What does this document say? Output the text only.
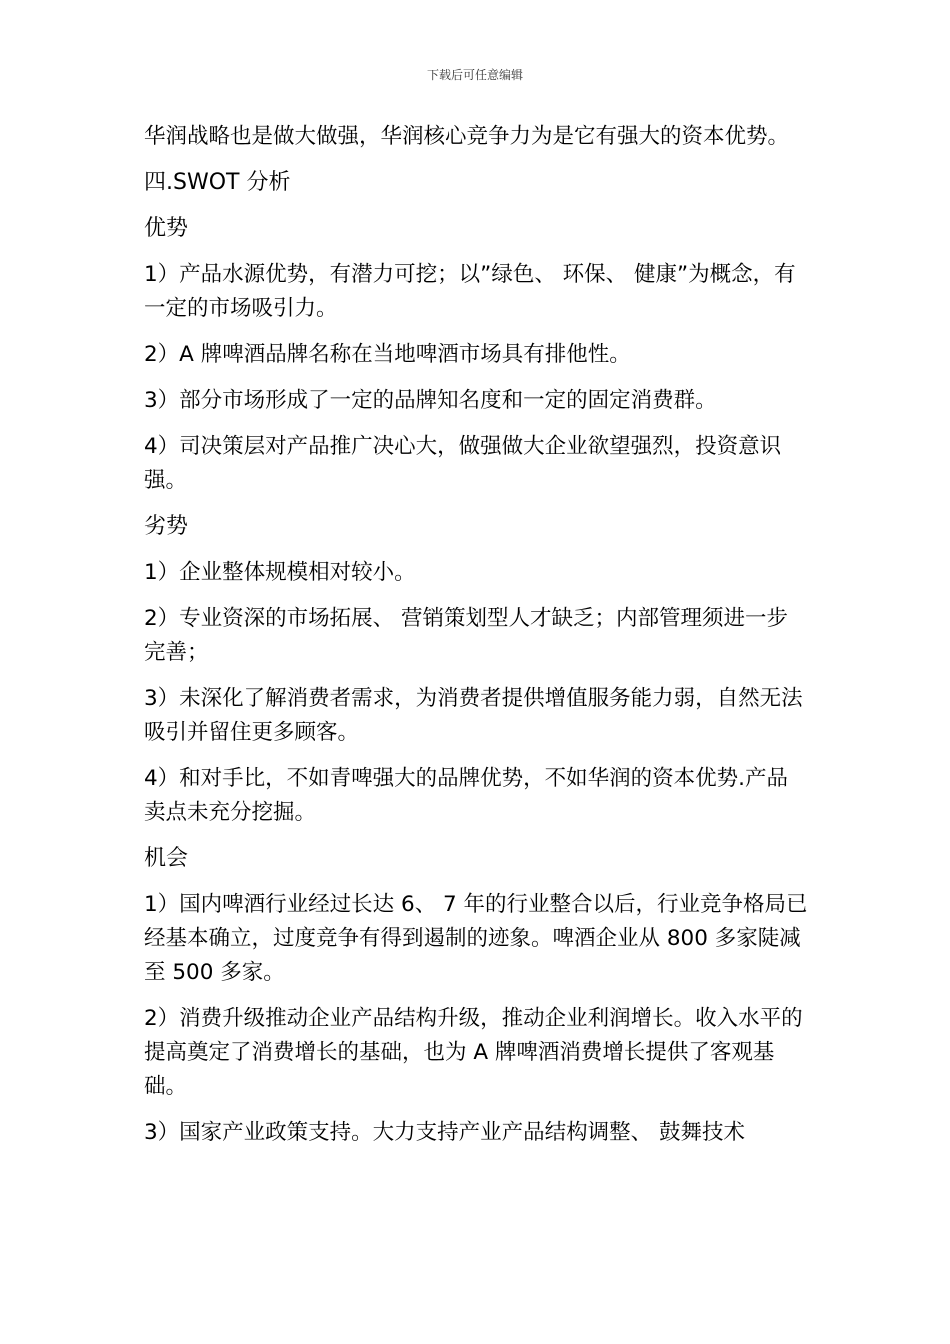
下载后可任意编辑

华润战略也是做大做强，华润核心竞争力为是它有强大的资本优势。

四.SWOT 分析

优势

1）产品水源优势，有潜力可挖；以”绿色、 环保、 健康”为概念，有一定的市场吸引力。

2）A 牌啤酒品牌名称在当地啤酒市场具有排他性。

3）部分市场形成了一定的品牌知名度和一定的固定消费群。

4）司决策层对产品推广决心大，做强做大企业欲望强烈，投资意识强。

劣势

1）企业整体规模相对较小。

2）专业资深的市场拓展、 营销策划型人才缺乏；内部管理须进一步完善；

3）未深化了解消费者需求，为消费者提供增值服务能力弱，自然无法吸引并留住更多顾客。

4）和对手比，不如青啤强大的品牌优势，不如华润的资本优势.产品卖点未充分挖掘。

机会

1）国内啤酒行业经过长达 6、 7 年的行业整合以后，行业竞争格局已经基本确立，过度竞争有得到遏制的迹象。啤酒企业从 800 多家陡减至 500 多家。

2）消费升级推动企业产品结构升级，推动企业利润增长。收入水平的提高奠定了消费增长的基础，也为 A 牌啤酒消费增长提供了客观基础。

3）国家产业政策支持。大力支持产业产品结构调整、 鼓舞技术
